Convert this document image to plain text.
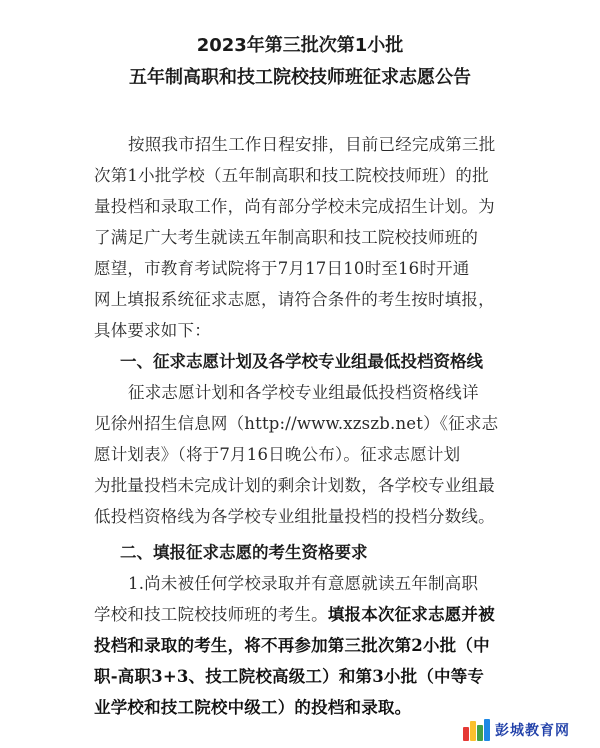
2023年第三批次第1小批
五年制高职和技工院校技师班征求志愿公告
按照我市招生工作日程安排，目前已经完成第三批
次第1小批学校（五年制高职和技工院校技师班）的批
量投档和录取工作，尚有部分学校未完成招生计划。为
了满足广大考生就读五年制高职和技工院校技师班的
愿望，市教育考试院将于7月17日10时至16时开通
网上填报系统征求志愿，请符合条件的考生按时填报，
具体要求如下：
一、征求志愿计划及各学校专业组最低投档资格线
征求志愿计划和各学校专业组最低投档资格线详
见徐州招生信息网（http://www.xzszb.net）《征求志
愿计划表》（将于7月16日晚公布）。征求志愿计划
为批量投档未完成计划的剩余计划数，各学校专业组最
低投档资格线为各学校专业组批量投档的投档分数线。
二、填报征求志愿的考生资格要求
1.尚未被任何学校录取并有意愿就读五年制高职
学校和技工院校技师班的考生。填报本次征求志愿并被
投档和录取的考生，将不再参加第三批次第2小批（中
职-高职3+3、技工院校高级工）和第3小批（中等专
业学校和技工院校中级工）的投档和录取。
彭城教育网
